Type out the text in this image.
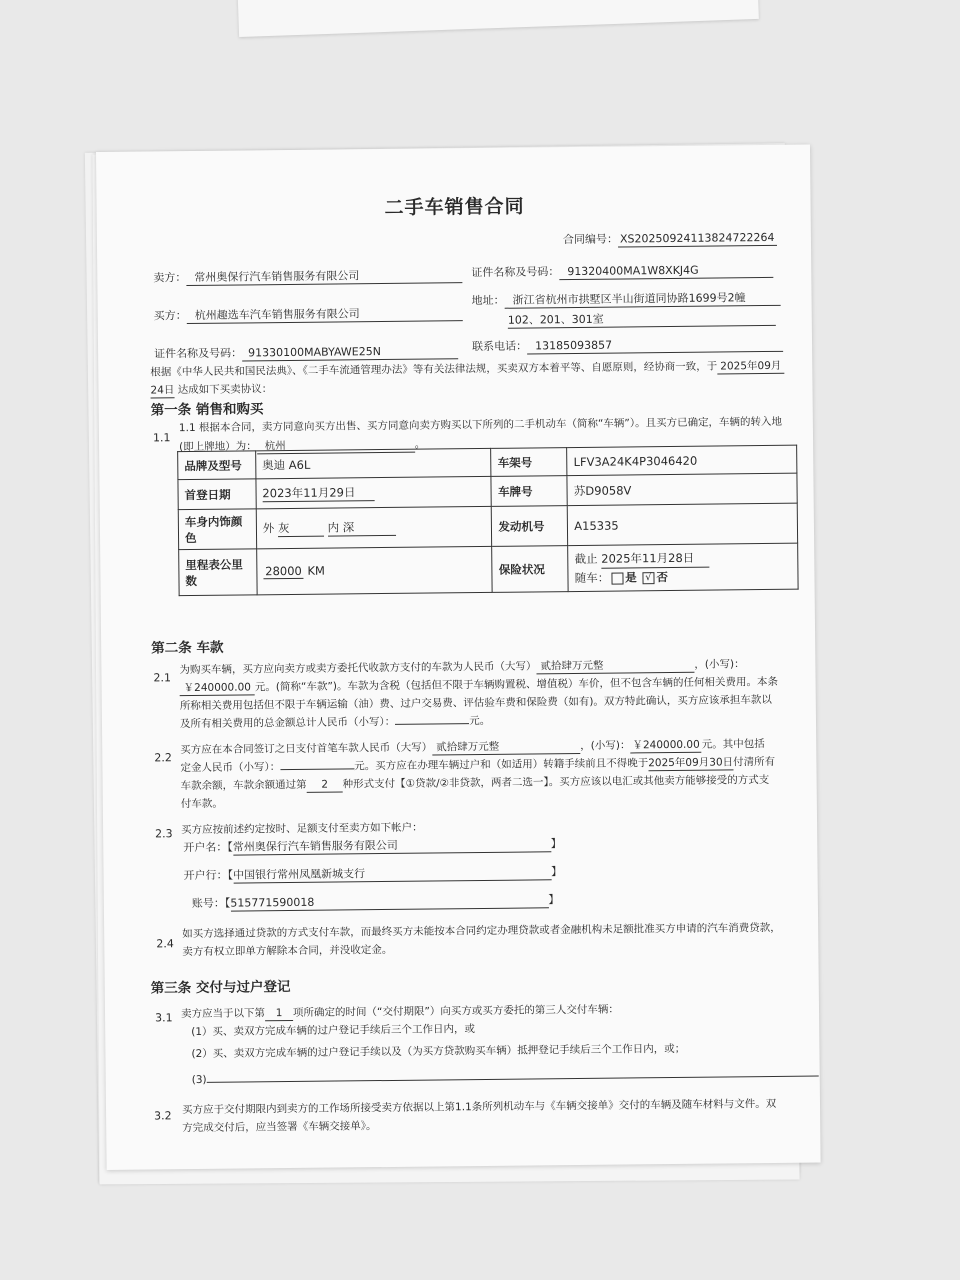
二手车销售合同
合同编号： XS20250924113824722264
卖方： 常州奥保行汽车销售服务有限公司	证件名称及号码： 91320400MA1W8XKJ4G
买方： 杭州趣选车汽车销售服务有限公司
地址： 浙江省杭州市拱墅区半山街道同协路1699号2幢
102、201、301室
证件名称及号码： 91330100MABYAWE25N	联系电话： 13185093857
根据《中华人民共和国民法典》、《二手车流通管理办法》等有关法律法规，买卖双方本着平等、自愿原则，经协商一致，于 2025年09月
24日 达成如下买卖协议：
第一条 销售和购买
1.1
1.1 根据本合同，卖方同意向买方出售、买方同意向卖方购买以下所列的二手机动车（简称“车辆”）。且买方已确定，车辆的转入地
(即上牌地）为： 杭州	。
品牌及型号	奥迪 A6L	车架号	LFV3A24K4P3046420
首登日期	2023年11月29日	车牌号	苏D9058V
车身内饰颜色	外 灰 内 深	发动机号	A15335
里程表公里数	28000 KM	保险状况	截止 2025年11月28日
随车： 是 √ 否
第二条 车款
2.1
为购买车辆，买方应向卖方或卖方委托代收款方支付的车款为人民币（大写） 贰拾肆万元整	，(小写)：
￥240000.00 元。(简称“车款”)。车款为含税（包括但不限于车辆购置税、增值税）车价，但不包含车辆的任何相关费用。本条
所称相关费用包括但不限于车辆运输（油）费、过户交易费、评估验车费和保险费（如有)。双方特此确认，买方应该承担车款以
及所有相关费用的总金额总计人民币（小写）：	元。
2.2
买方应在本合同签订之日支付首笔车款人民币（大写） 贰拾肆万元整	，(小写)： ￥240000.00 元。其中包括
定金人民币（小写）：	元。买方应在办理车辆过户和（如适用）转籍手续前且不得晚于2025年09月30日付清所有
车款余额，车款余额通过第 2 种形式支付【①贷款/②非贷款，两者二选一】。买方应该以电汇或其他卖方能够接受的方式支
付车款。
2.3 买方应按前述约定按时、足额支付至卖方如下帐户：
开户名：【常州奥保行汽车销售服务有限公司	】
开户行：【中国银行常州凤凰新城支行	】
账号：【515771590018	】
2.4
如买方选择通过贷款的方式支付车款，而最终买方未能按本合同约定办理贷款或者金融机构未足额批准买方申请的汽车消费贷款，
卖方有权立即单方解除本合同，并没收定金。
第三条 交付与过户登记
3.1 卖方应当于以下第 1 项所确定的时间（“交付期限”）向买方或买方委托的第三人交付车辆：
(1）买、卖双方完成车辆的过户登记手续后三个工作日内，或
(2）买、卖双方完成车辆的过户登记手续以及（为买方贷款购买车辆）抵押登记手续后三个工作日内，或；
(3)
3.2 买方应于交付期限内到卖方的工作场所接受卖方依据以上第1.1条所列机动车与《车辆交接单》交付的车辆及随车材料与文件。双
方完成交付后，应当签署《车辆交接单》。
